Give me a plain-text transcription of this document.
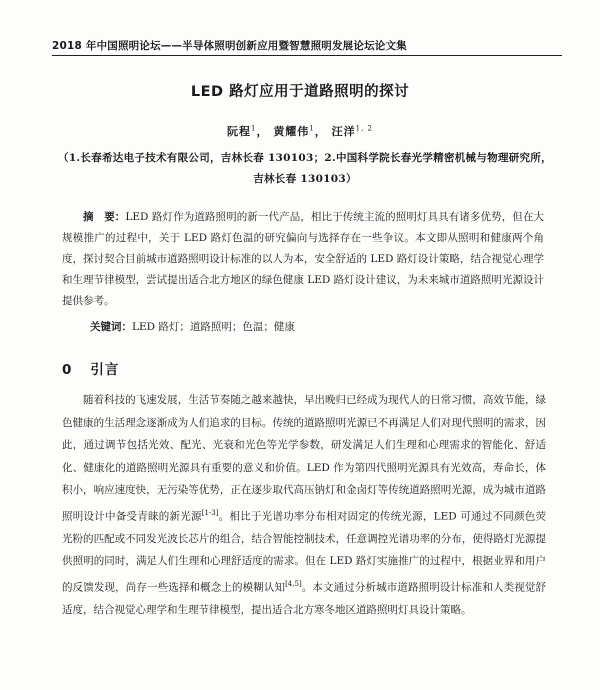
2018 年中国照明论坛——半导体照明创新应用暨智慧照明发展论坛论文集
LED 路灯应用于道路照明的探讨
阮程$^1$， 黄耀伟$^1$， 汪洋$^{1, 2}$
（1.长春希达电子技术有限公司，吉林长春 130103；2.中国科学院长春光学精密机械与物理研究所，吉林长春 130103）
摘　要：LED 路灯作为道路照明的新一代产品，相比于传统主流的照明灯具具有诸多优势，但在大规模推广的过程中，关于 LED 路灯色温的研究偏向与选择存在一些争议。本文即从照明和健康两个角度，探讨契合目前城市道路照明设计标准的以人为本，安全舒适的 LED 路灯设计策略，结合视觉心理学和生理节律模型，尝试提出适合北方地区的绿色健康 LED 路灯设计建议，为未来城市道路照明光源设计提供参考。
关键词：LED 路灯；道路照明；色温；健康
0 引言
随着科技的飞速发展，生活节奏随之越来越快，早出晚归已经成为现代人的日常习惯，高效节能，绿色健康的生活理念逐渐成为人们追求的目标。传统的道路照明光源已不再满足人们对现代照明的需求，因此，通过调节包括光效、配光、光衰和光色等光学参数，研发满足人们生理和心理需求的智能化、舒适化、健康化的道路照明光源具有重要的意义和价值。LED 作为第四代照明光源具有光效高，寿命长，体积小，响应速度快，无污染等优势，正在逐步取代高压钠灯和金卤灯等传统道路照明光源，成为城市道路照明设计中备受青睐的新光源[1-3]。相比于光谱功率分布相对固定的传统光源，LED 可通过不同颜色荧光粉的匹配或不同发光波长芯片的组合，结合智能控制技术，任意调控光谱功率的分布，使得路灯光源提供照明的同时，满足人们生理和心理舒适度的需求。但在 LED 路灯实施推广的过程中，根据业界和用户的反馈发现，尚存一些选择和概念上的模糊认知[4,5]。本文通过分析城市道路照明设计标准和人类视觉舒适度，结合视觉心理学和生理节律模型，提出适合北方寒冬地区道路照明灯具设计策略。
